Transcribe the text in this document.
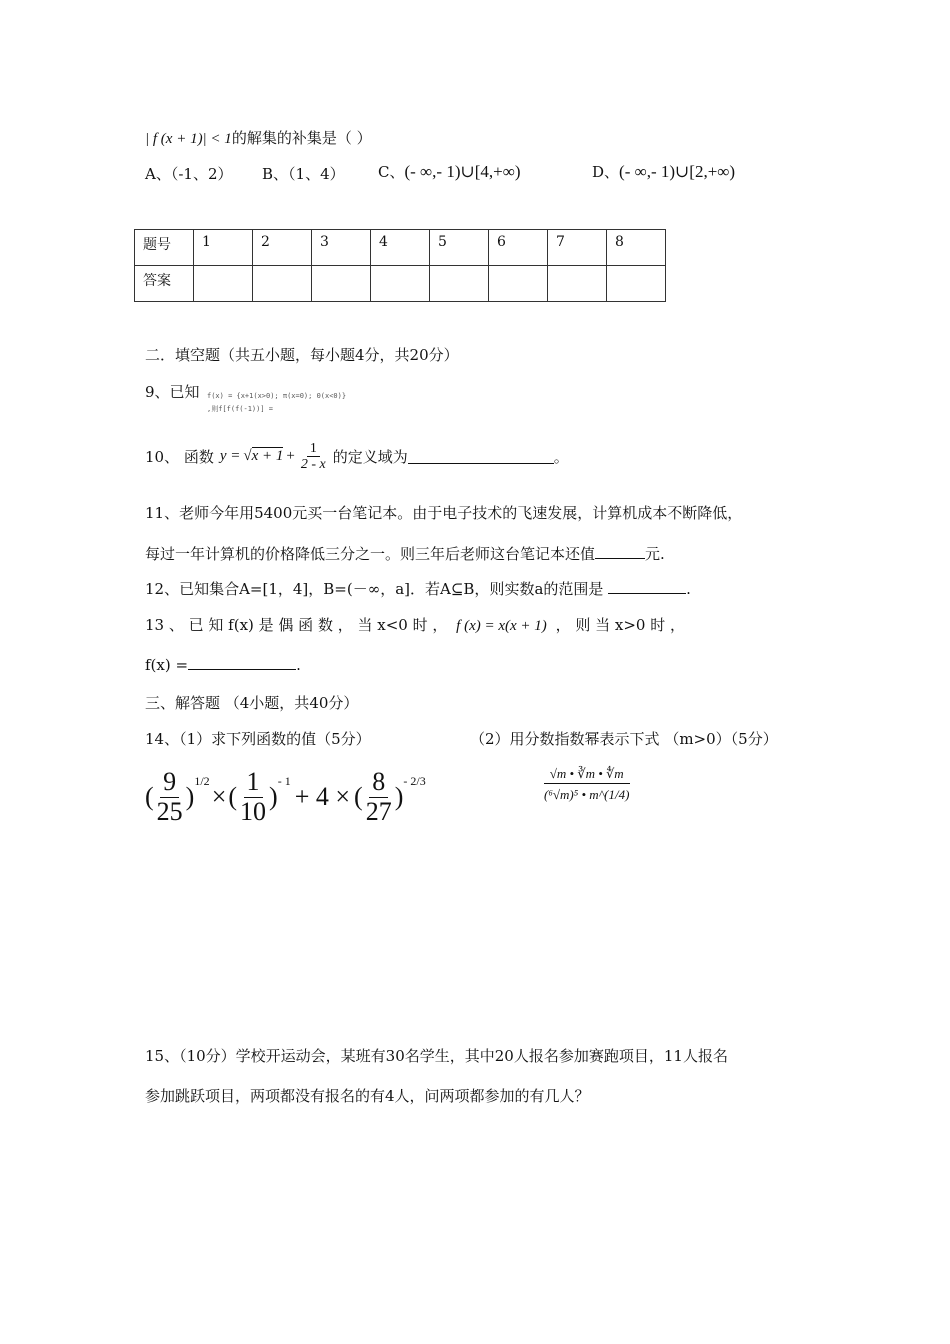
| f (x + 1)| < 1的解集的补集是（ ）
A、（-1、2） B、（1、4） C、(- ∞,- 1)∪[4,+∞)	D、(- ∞,- 1)∪[2,+∞)
题号	1	2	3	4	5	6	7	8
答案								
二．填空题（共五小题，每小题4分，共20分）
9、已知 f(x) = {x+1(x>0); π(x=0); 0(x<0)}
,则f[f(f(-1))] =
10、 函数 $y = √x + 1 + \frac{1}{2 - x}$ 的定义域为	。
11、老师今年用5400元买一台笔记本。由于电子技术的飞速发展，计算机成本不断降低，
每过一年计算机的价格降低三分之一。则三年后老师这台笔记本还值	元.
12、已知集合A=[1，4]，B=(－∞，a]．若A⊆B，则实数a的范围是	.
13 、 已 知 f(x) 是 偶 函 数 ， 当 x<0 时 ， f (x) = x(x + 1) ， 则 当 x>0 时 ，
f(x) =	.
三、解答题 （4小题，共40分）
14、（1）求下列函数的值（5分）	（2）用分数指数幂表示下式 （m>0）（5分）
( $\frac{9}{25}$ )
1/2
× ( $\frac{1}{10}$ )
- 1
+ 4 × ( $\frac{8}{27}$ )
- 2/3	$\frac{√m • ∛m • ∜m}{\text{(⁶√m)⁵ • m\textasciicircum{}(1/4)}}$
15、（10分）学校开运动会，某班有30名学生，其中20人报名参加赛跑项目，11人报名
参加跳跃项目，两项都没有报名的有4人，问两项都参加的有几人？
